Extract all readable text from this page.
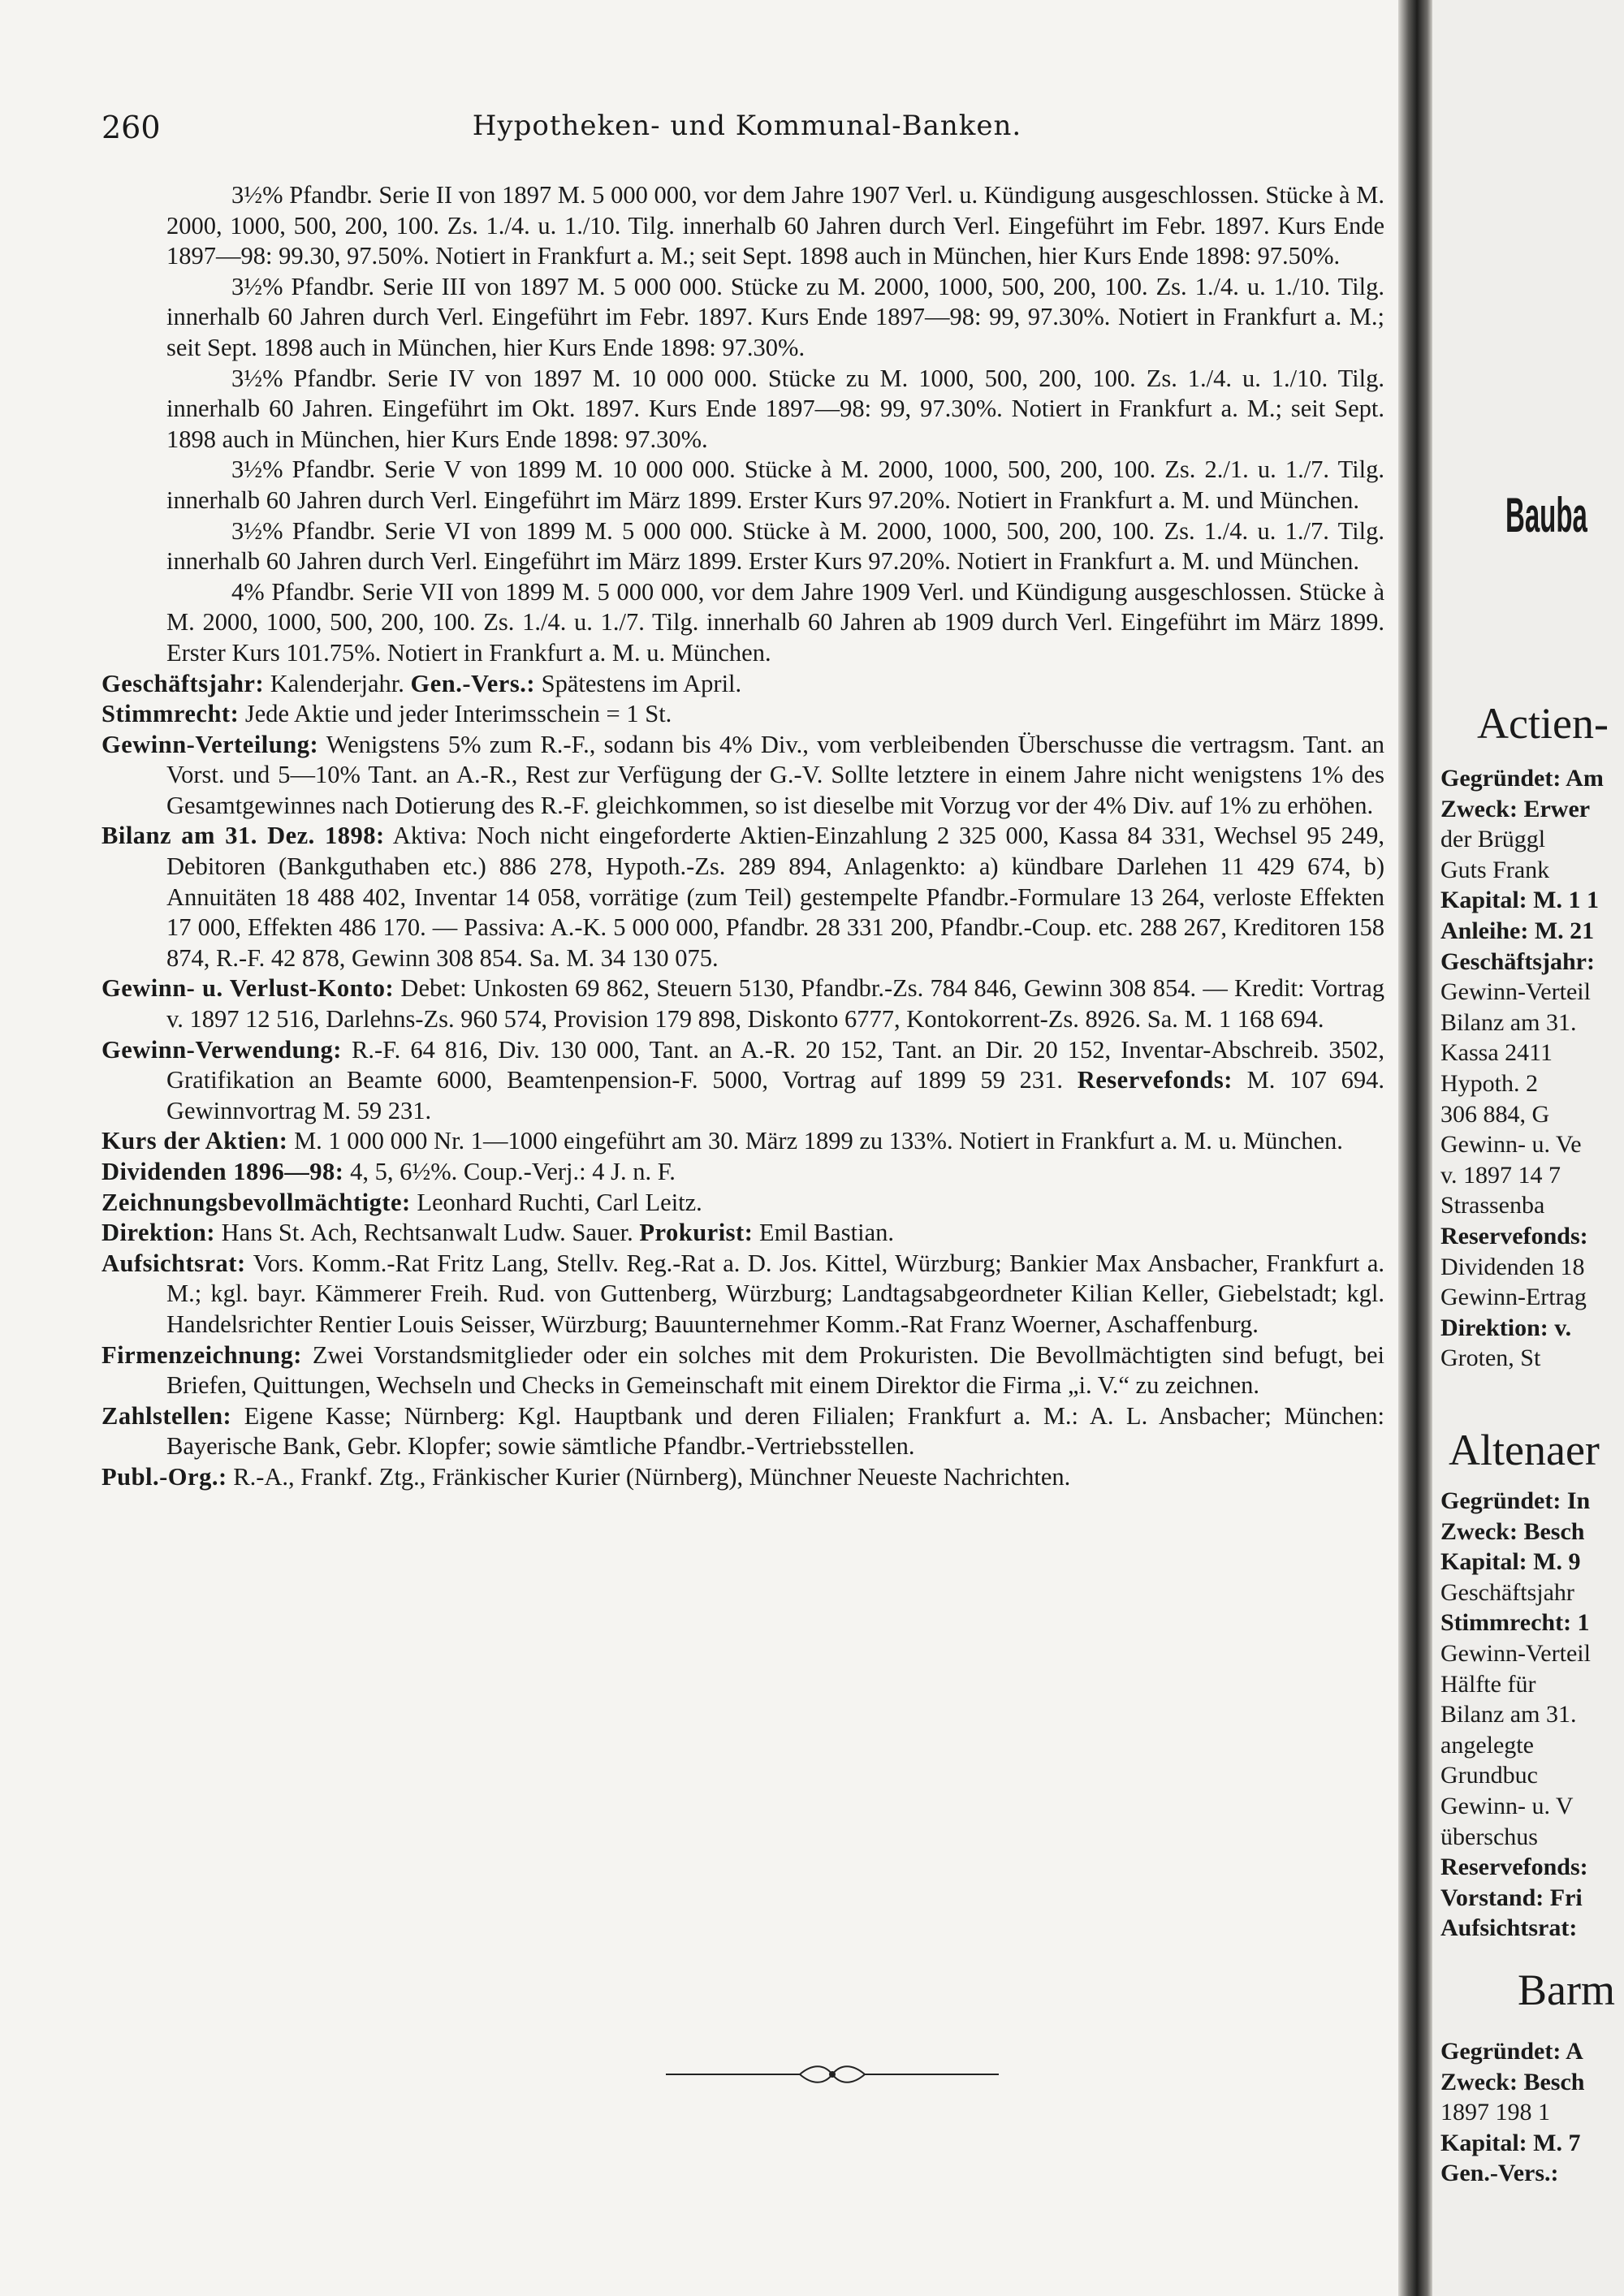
260	Hypotheken- und Kommunal-Banken.

3½% Pfandbr. Serie II von 1897 M. 5 000 000, vor dem Jahre 1907 Verl. u. Kündigung ausgeschlossen. Stücke à M. 2000, 1000, 500, 200, 100. Zs. 1./4. u. 1./10. Tilg. innerhalb 60 Jahren durch Verl. Eingeführt im Febr. 1897. Kurs Ende 1897—98: 99.30, 97.50%. Notiert in Frankfurt a. M.; seit Sept. 1898 auch in München, hier Kurs Ende 1898: 97.50%.

3½% Pfandbr. Serie III von 1897 M. 5 000 000. Stücke zu M. 2000, 1000, 500, 200, 100. Zs. 1./4. u. 1./10. Tilg. innerhalb 60 Jahren durch Verl. Eingeführt im Febr. 1897. Kurs Ende 1897—98: 99, 97.30%. Notiert in Frankfurt a. M.; seit Sept. 1898 auch in München, hier Kurs Ende 1898: 97.30%.

3½% Pfandbr. Serie IV von 1897 M. 10 000 000. Stücke zu M. 1000, 500, 200, 100. Zs. 1./4. u. 1./10. Tilg. innerhalb 60 Jahren. Eingeführt im Okt. 1897. Kurs Ende 1897—98: 99, 97.30%. Notiert in Frankfurt a. M.; seit Sept. 1898 auch in München, hier Kurs Ende 1898: 97.30%.

3½% Pfandbr. Serie V von 1899 M. 10 000 000. Stücke à M. 2000, 1000, 500, 200, 100. Zs. 2./1. u. 1./7. Tilg. innerhalb 60 Jahren durch Verl. Eingeführt im März 1899. Erster Kurs 97.20%. Notiert in Frankfurt a. M. und München.

3½% Pfandbr. Serie VI von 1899 M. 5 000 000. Stücke à M. 2000, 1000, 500, 200, 100. Zs. 1./4. u. 1./7. Tilg. innerhalb 60 Jahren durch Verl. Eingeführt im März 1899. Erster Kurs 97.20%. Notiert in Frankfurt a. M. und München.

4% Pfandbr. Serie VII von 1899 M. 5 000 000, vor dem Jahre 1909 Verl. und Kündigung ausgeschlossen. Stücke à M. 2000, 1000, 500, 200, 100. Zs. 1./4. u. 1./7. Tilg. innerhalb 60 Jahren ab 1909 durch Verl. Eingeführt im März 1899. Erster Kurs 101.75%. Notiert in Frankfurt a. M. u. München.

Geschäftsjahr: Kalenderjahr. Gen.-Vers.: Spätestens im April.

Stimmrecht: Jede Aktie und jeder Interimsschein = 1 St.

Gewinn-Verteilung: Wenigstens 5% zum R.-F., sodann bis 4% Div., vom verbleibenden Überschusse die vertragsm. Tant. an Vorst. und 5—10% Tant. an A.-R., Rest zur Verfügung der G.-V. Sollte letztere in einem Jahre nicht wenigstens 1% des Gesamtgewinnes nach Dotierung des R.-F. gleichkommen, so ist dieselbe mit Vorzug vor der 4% Div. auf 1% zu erhöhen.

Bilanz am 31. Dez. 1898: Aktiva: Noch nicht eingeforderte Aktien-Einzahlung 2 325 000, Kassa 84 331, Wechsel 95 249, Debitoren (Bankguthaben etc.) 886 278, Hypoth.-Zs. 289 894, Anlagenkto: a) kündbare Darlehen 11 429 674, b) Annuitäten 18 488 402, Inventar 14 058, vorrätige (zum Teil) gestempelte Pfandbr.-Formulare 13 264, verloste Effekten 17 000, Effekten 486 170. — Passiva: A.-K. 5 000 000, Pfandbr. 28 331 200, Pfandbr.-Coup. etc. 288 267, Kreditoren 158 874, R.-F. 42 878, Gewinn 308 854. Sa. M. 34 130 075.

Gewinn- u. Verlust-Konto: Debet: Unkosten 69 862, Steuern 5130, Pfandbr.-Zs. 784 846, Gewinn 308 854. — Kredit: Vortrag v. 1897 12 516, Darlehns-Zs. 960 574, Provision 179 898, Diskonto 6777, Kontokorrent-Zs. 8926. Sa. M. 1 168 694.

Gewinn-Verwendung: R.-F. 64 816, Div. 130 000, Tant. an A.-R. 20 152, Tant. an Dir. 20 152, Inventar-Abschreib. 3502, Gratifikation an Beamte 6000, Beamtenpension-F. 5000, Vortrag auf 1899 59 231. Reservefonds: M. 107 694. Gewinnvortrag M. 59 231.

Kurs der Aktien: M. 1 000 000 Nr. 1—1000 eingeführt am 30. März 1899 zu 133%. Notiert in Frankfurt a. M. u. München.

Dividenden 1896—98: 4, 5, 6½%. Coup.-Verj.: 4 J. n. F.

Zeichnungsbevollmächtigte: Leonhard Ruchti, Carl Leitz.

Direktion: Hans St. Ach, Rechtsanwalt Ludw. Sauer. Prokurist: Emil Bastian.

Aufsichtsrat: Vors. Komm.-Rat Fritz Lang, Stellv. Reg.-Rat a. D. Jos. Kittel, Würzburg; Bankier Max Ansbacher, Frankfurt a. M.; kgl. bayr. Kämmerer Freih. Rud. von Guttenberg, Würzburg; Landtagsabgeordneter Kilian Keller, Giebelstadt; kgl. Handelsrichter Rentier Louis Seisser, Würzburg; Bauunternehmer Komm.-Rat Franz Woerner, Aschaffenburg.

Firmenzeichnung: Zwei Vorstandsmitglieder oder ein solches mit dem Prokuristen. Die Bevollmächtigten sind befugt, bei Briefen, Quittungen, Wechseln und Checks in Gemeinschaft mit einem Direktor die Firma „i. V.“ zu zeichnen.

Zahlstellen: Eigene Kasse; Nürnberg: Kgl. Hauptbank und deren Filialen; Frankfurt a. M.: A. L. Ansbacher; München: Bayerische Bank, Gebr. Klopfer; sowie sämtliche Pfandbr.-Vertriebsstellen.

Publ.-Org.: R.-A., Frankf. Ztg., Fränkischer Kurier (Nürnberg), Münchner Neueste Nachrichten.

Bauba
Actien-
Gegründet: Am
Zweck: Erwer
der Brüggl
Guts Frank
Kapital: M. 1 1
Anleihe: M. 21
Geschäftsjahr:
Gewinn-Verteil
Bilanz am 31.
Kassa 2411
Hypoth. 2
306 884, G
Gewinn- u. Ve
v. 1897 14 7
Strassenba
Reservefonds:
Dividenden 18
Gewinn-Ertrag
Direktion: v.
Groten, St
Altenaer
Gegründet: In
Zweck: Besch
Kapital: M. 9
Geschäftsjahr
Stimmrecht: 1
Gewinn-Verteil
Hälfte für
Bilanz am 31.
angelegte
Grundbuc
Gewinn- u. V
überschus
Reservefonds:
Vorstand: Fri
Aufsichtsrat:
Barm
Gegründet: A
Zweck: Besch
1897 198 1
Kapital: M. 7
Gen.-Vers.:
